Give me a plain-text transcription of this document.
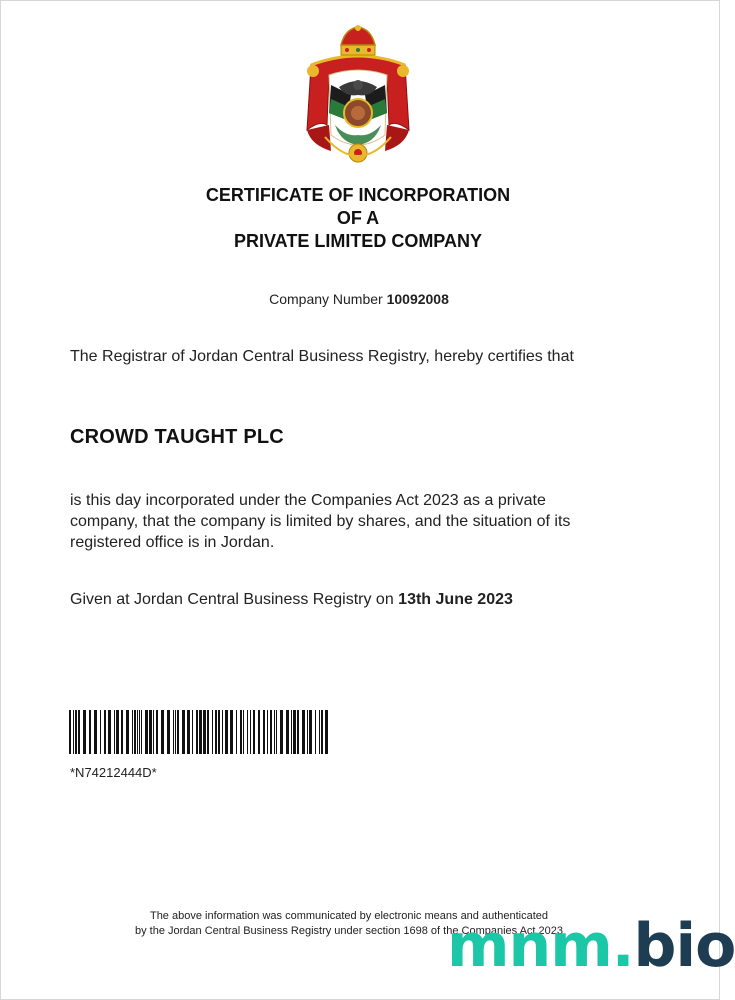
CERTIFICATE OF INCORPORATION
OF A
PRIVATE LIMITED COMPANY
Company Number 10092008
The Registrar of Jordan Central Business Registry, hereby certifies that
CROWD TAUGHT PLC
is this day incorporated under the Companies Act 2023 as a private company, that the company is limited by shares, and the situation of its registered office is in Jordan.
Given at Jordan Central Business Registry on 13th June 2023
*N74212444D*
The above information was communicated by electronic means and authenticated
by the Jordan Central Business Registry under section 1698 of the Companies Act 2023
mnm.bio
